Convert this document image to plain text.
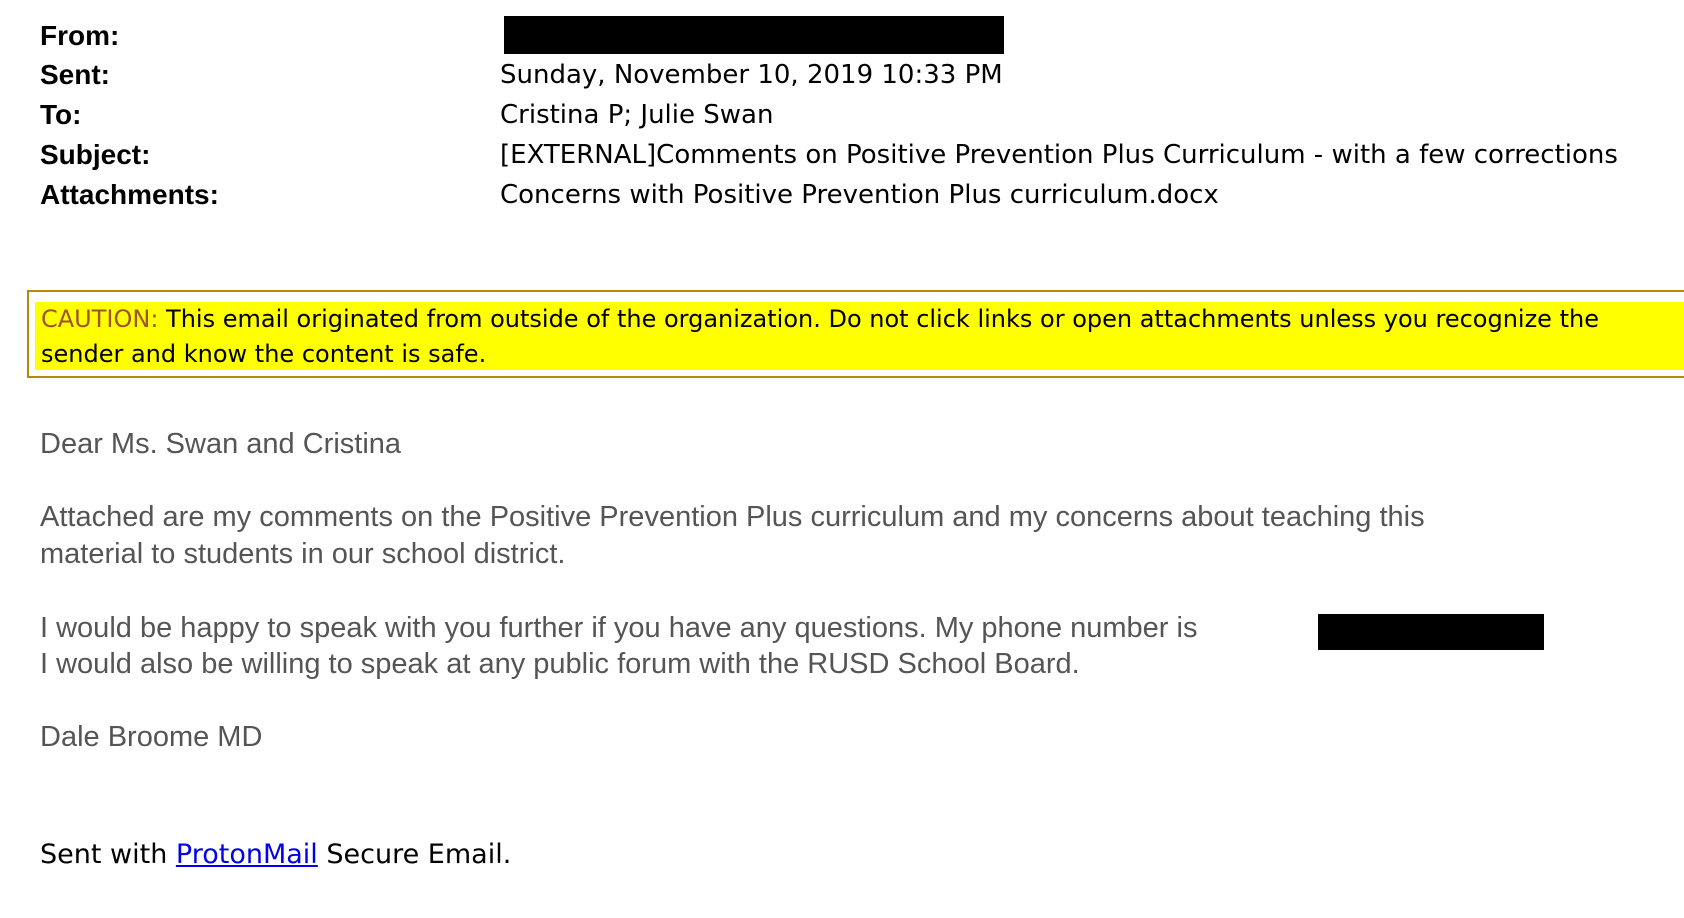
From:
Sent:	Sunday, November 10, 2019 10:33 PM
To:	Cristina P; Julie Swan
Subject:	[EXTERNAL]Comments on Positive Prevention Plus Curriculum - with a few corrections
Attachments:	Concerns with Positive Prevention Plus curriculum.docx
CAUTION: This email originated from outside of the organization. Do not click links or open attachments unless you recognize the sender and know the content is safe.
Dear Ms. Swan and Cristina
Attached are my comments on the Positive Prevention Plus curriculum and my concerns about teaching this
material to students in our school district.
I would be happy to speak with you further if you have any questions. My phone number is
I would also be willing to speak at any public forum with the RUSD School Board.
Dale Broome MD
Sent with ProtonMail Secure Email.
